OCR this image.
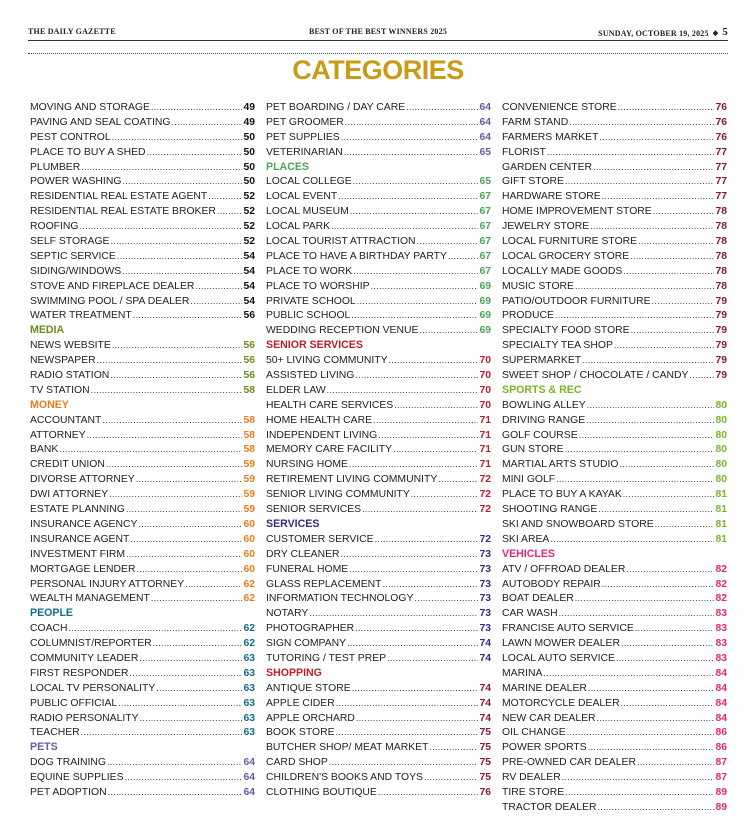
THE DAILY GAZETTE	BEST OF THE BEST WINNERS 2025	SUNDAY, OCTOBER 19, 2025 ◆ 5
CATEGORIES
MOVING AND STORAGE .....	49
PAVING AND SEAL COATING .....	49
PEST CONTROL .....	50
PLACE TO BUY A SHED .....	50
PLUMBER .....	50
POWER WASHING .....	50
RESIDENTIAL REAL ESTATE AGENT .....	52
RESIDENTIAL REAL ESTATE BROKER .....	52
ROOFING .....	52
SELF STORAGE .....	52
SEPTIC SERVICE .....	54
SIDING/WINDOWS .....	54
STOVE AND FIREPLACE DEALER .....	54
SWIMMING POOL / SPA DEALER .....	54
WATER TREATMENT .....	56
MEDIA
NEWS WEBSITE .....	56
NEWSPAPER .....	56
RADIO STATION .....	56
TV STATION .....	58
MONEY
ACCOUNTANT .....	58
ATTORNEY .....	58
BANK .....	58
CREDIT UNION .....	59
DIVORSE ATTORNEY .....	59
DWI ATTORNEY .....	59
ESTATE PLANNING .....	59
INSURANCE AGENCY .....	60
INSURANCE AGENT .....	60
INVESTMENT FIRM .....	60
MORTGAGE LENDER .....	60
PERSONAL INJURY ATTORNEY .....	62
WEALTH MANAGEMENT .....	62
PEOPLE
COACH .....	62
COLUMNIST/REPORTER .....	62
COMMUNITY LEADER .....	63
FIRST RESPONDER .....	63
LOCAL TV PERSONALITY .....	63
PUBLIC OFFICIAL .....	63
RADIO PERSONALITY .....	63
TEACHER .....	63
PETS
DOG TRAINING .....	64
EQUINE SUPPLIES .....	64
PET ADOPTION .....	64
PET BOARDING / DAY CARE .....	64
PET GROOMER .....	64
PET SUPPLIES .....	64
VETERINARIAN .....	65
PLACES
LOCAL COLLEGE .....	65
LOCAL EVENT .....	67
LOCAL MUSEUM .....	67
LOCAL PARK .....	67
LOCAL TOURIST ATTRACTION .....	67
PLACE TO HAVE A BIRTHDAY PARTY .....	67
PLACE TO WORK .....	67
PLACE TO WORSHIP .....	69
PRIVATE SCHOOL .....	69
PUBLIC SCHOOL .....	69
WEDDING RECEPTION VENUE .....	69
SENIOR SERVICES
50+ LIVING COMMUNITY .....	70
ASSISTED LIVING .....	70
ELDER LAW .....	70
HEALTH CARE SERVICES .....	70
HOME HEALTH CARE .....	71
INDEPENDENT LIVING .....	71
MEMORY CARE FACILITY .....	71
NURSING HOME .....	71
RETIREMENT LIVING COMMUNITY .....	72
SENIOR LIVING COMMUNITY .....	72
SENIOR SERVICES .....	72
SERVICES
CUSTOMER SERVICE .....	72
DRY CLEANER .....	73
FUNERAL HOME .....	73
GLASS REPLACEMENT .....	73
INFORMATION TECHNOLOGY .....	73
NOTARY .....	73
PHOTOGRAPHER .....	73
SIGN COMPANY .....	74
TUTORING / TEST PREP .....	74
SHOPPING
ANTIQUE STORE .....	74
APPLE CIDER .....	74
APPLE ORCHARD .....	74
BOOK STORE .....	75
BUTCHER SHOP/ MEAT MARKET .....	75
CARD SHOP .....	75
CHILDREN'S BOOKS AND TOYS .....	75
CLOTHING BOUTIQUE .....	76
CONVENIENCE STORE .....	76
FARM STAND .....	76
FARMERS MARKET .....	76
FLORIST .....	77
GARDEN CENTER .....	77
GIFT STORE .....	77
HARDWARE STORE .....	77
HOME IMPROVEMENT STORE .....	78
JEWELRY STORE .....	78
LOCAL FURNITURE STORE .....	78
LOCAL GROCERY STORE .....	78
LOCALLY MADE GOODS .....	78
MUSIC STORE .....	78
PATIO/OUTDOOR FURNITURE .....	79
PRODUCE .....	79
SPECIALTY FOOD STORE .....	79
SPECIALTY TEA SHOP .....	79
SUPERMARKET .....	79
SWEET SHOP / CHOCOLATE / CANDY .....	79
SPORTS & REC
BOWLING ALLEY .....	80
DRIVING RANGE .....	80
GOLF COURSE .....	80
GUN STORE .....	80
MARTIAL ARTS STUDIO .....	80
MINI GOLF .....	80
PLACE TO BUY A KAYAK .....	81
SHOOTING RANGE .....	81
SKI AND SNOWBOARD STORE .....	81
SKI AREA .....	81
VEHICLES
ATV / OFFROAD DEALER .....	82
AUTOBODY REPAIR .....	82
BOAT DEALER .....	82
CAR WASH .....	83
FRANCISE AUTO SERVICE .....	83
LAWN MOWER DEALER .....	83
LOCAL AUTO SERVICE .....	83
MARINA .....	84
MARINE DEALER .....	84
MOTORCYCLE DEALER .....	84
NEW CAR DEALER .....	84
OIL CHANGE .....	86
POWER SPORTS .....	86
PRE-OWNED CAR DEALER .....	87
RV DEALER .....	87
TIRE STORE .....	89
TRACTOR DEALER .....	89
